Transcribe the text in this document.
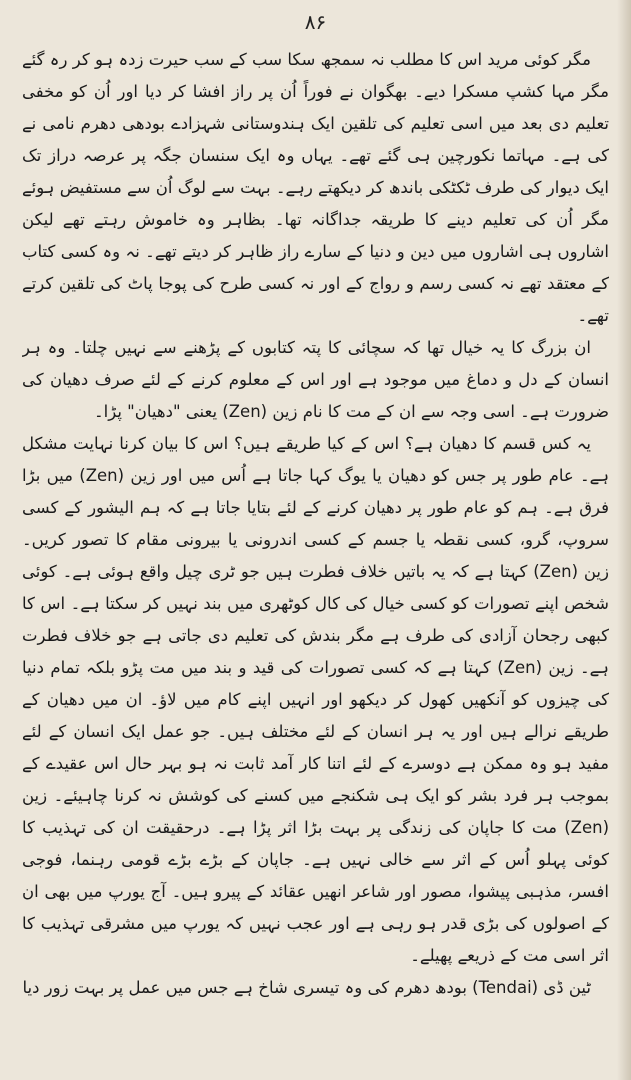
۸۶

مگر کوئی مرید اس کا مطلب نہ سمجھ سکا سب کے سب حیرت زدہ ہو کر رہ گئے مگر مہا کشپ مسکرا دیے۔ بھگوان نے فوراً اُن پر راز افشا کر دیا اور اُن کو مخفی تعلیم دی بعد میں اسی تعلیم کی تلقین ایک ہندوستانی شہزادے بودھی دھرم نامی نے کی ہے۔ مہاتما نکورچین ہی گئے تھے۔ یہاں وہ ایک سنسان جگہ پر عرصہ دراز تک ایک دیوار کی طرف ٹکٹکی باندھ کر دیکھتے رہے۔ بہت سے لوگ اُن سے مستفیض ہوئے مگر اُن کی تعلیم دینے کا طریقہ جداگانہ تھا۔ بظاہر وہ خاموش رہتے تھے لیکن اشاروں ہی اشاروں میں دین و دنیا کے سارے راز ظاہر کر دیتے تھے۔ نہ وہ کسی کتاب کے معتقد تھے نہ کسی رسم و رواج کے اور نہ کسی طرح کی پوجا پاٹ کی تلقین کرتے تھے۔

ان بزرگ کا یہ خیال تھا کہ سچائی کا پتہ کتابوں کے پڑھنے سے نہیں چلتا۔ وہ ہر انسان کے دل و دماغ میں موجود ہے اور اس کے معلوم کرنے کے لئے صرف دھیان کی ضرورت ہے۔ اسی وجہ سے ان کے مت کا نام زین (Zen) یعنی "دھیان" پڑا۔

یہ کس قسم کا دھیان ہے؟ اس کے کیا طریقے ہیں؟ اس کا بیان کرنا نہایت مشکل ہے۔ عام طور پر جس کو دھیان یا یوگ کہا جاتا ہے اُس میں اور زین (Zen) میں بڑا فرق ہے۔ ہم کو عام طور پر دھیان کرنے کے لئے بتایا جاتا ہے کہ ہم الیشور کے کسی سروپ، گرو، کسی نقطہ یا جسم کے کسی اندرونی یا بیرونی مقام کا تصور کریں۔ زین (Zen) کہتا ہے کہ یہ باتیں خلاف فطرت ہیں جو ٹری چیل واقع ہوئی ہے۔ کوئی شخص اپنے تصورات کو کسی خیال کی کال کوٹھری میں بند نہیں کر سکتا ہے۔ اس کا کبھی رجحان آزادی کی طرف ہے مگر بندش کی تعلیم دی جاتی ہے جو خلاف فطرت ہے۔ زین (Zen) کہتا ہے کہ کسی تصورات کی قید و بند میں مت پڑو بلکہ تمام دنیا کی چیزوں کو آنکھیں کھول کر دیکھو اور انہیں اپنے کام میں لاؤ۔ ان میں دھیان کے طریقے نرالے ہیں اور یہ ہر انسان کے لئے مختلف ہیں۔ جو عمل ایک انسان کے لئے مفید ہو وہ ممکن ہے دوسرے کے لئے اتنا کار آمد ثابت نہ ہو بہر حال اس عقیدے کے بموجب ہر فرد بشر کو ایک ہی شکنجے میں کسنے کی کوشش نہ کرنا چاہیئے۔ زین (Zen) مت کا جاپان کی زندگی پر بہت بڑا اثر پڑا ہے۔ درحقیقت ان کی تہذیب کا کوئی پہلو اُس کے اثر سے خالی نہیں ہے۔ جاپان کے بڑے بڑے قومی رہنما، فوجی افسر، مذہبی پیشوا، مصور اور شاعر انھیں عقائد کے پیرو ہیں۔ آج یورپ میں بھی ان کے اصولوں کی بڑی قدر ہو رہی ہے اور عجب نہیں کہ یورپ میں مشرقی تہذیب کا اثر اسی مت کے ذریعے پھیلے۔

ٹین ڈی (Tendai) بودھ دھرم کی وہ تیسری شاخ ہے جس میں عمل پر بہت زور دیا
